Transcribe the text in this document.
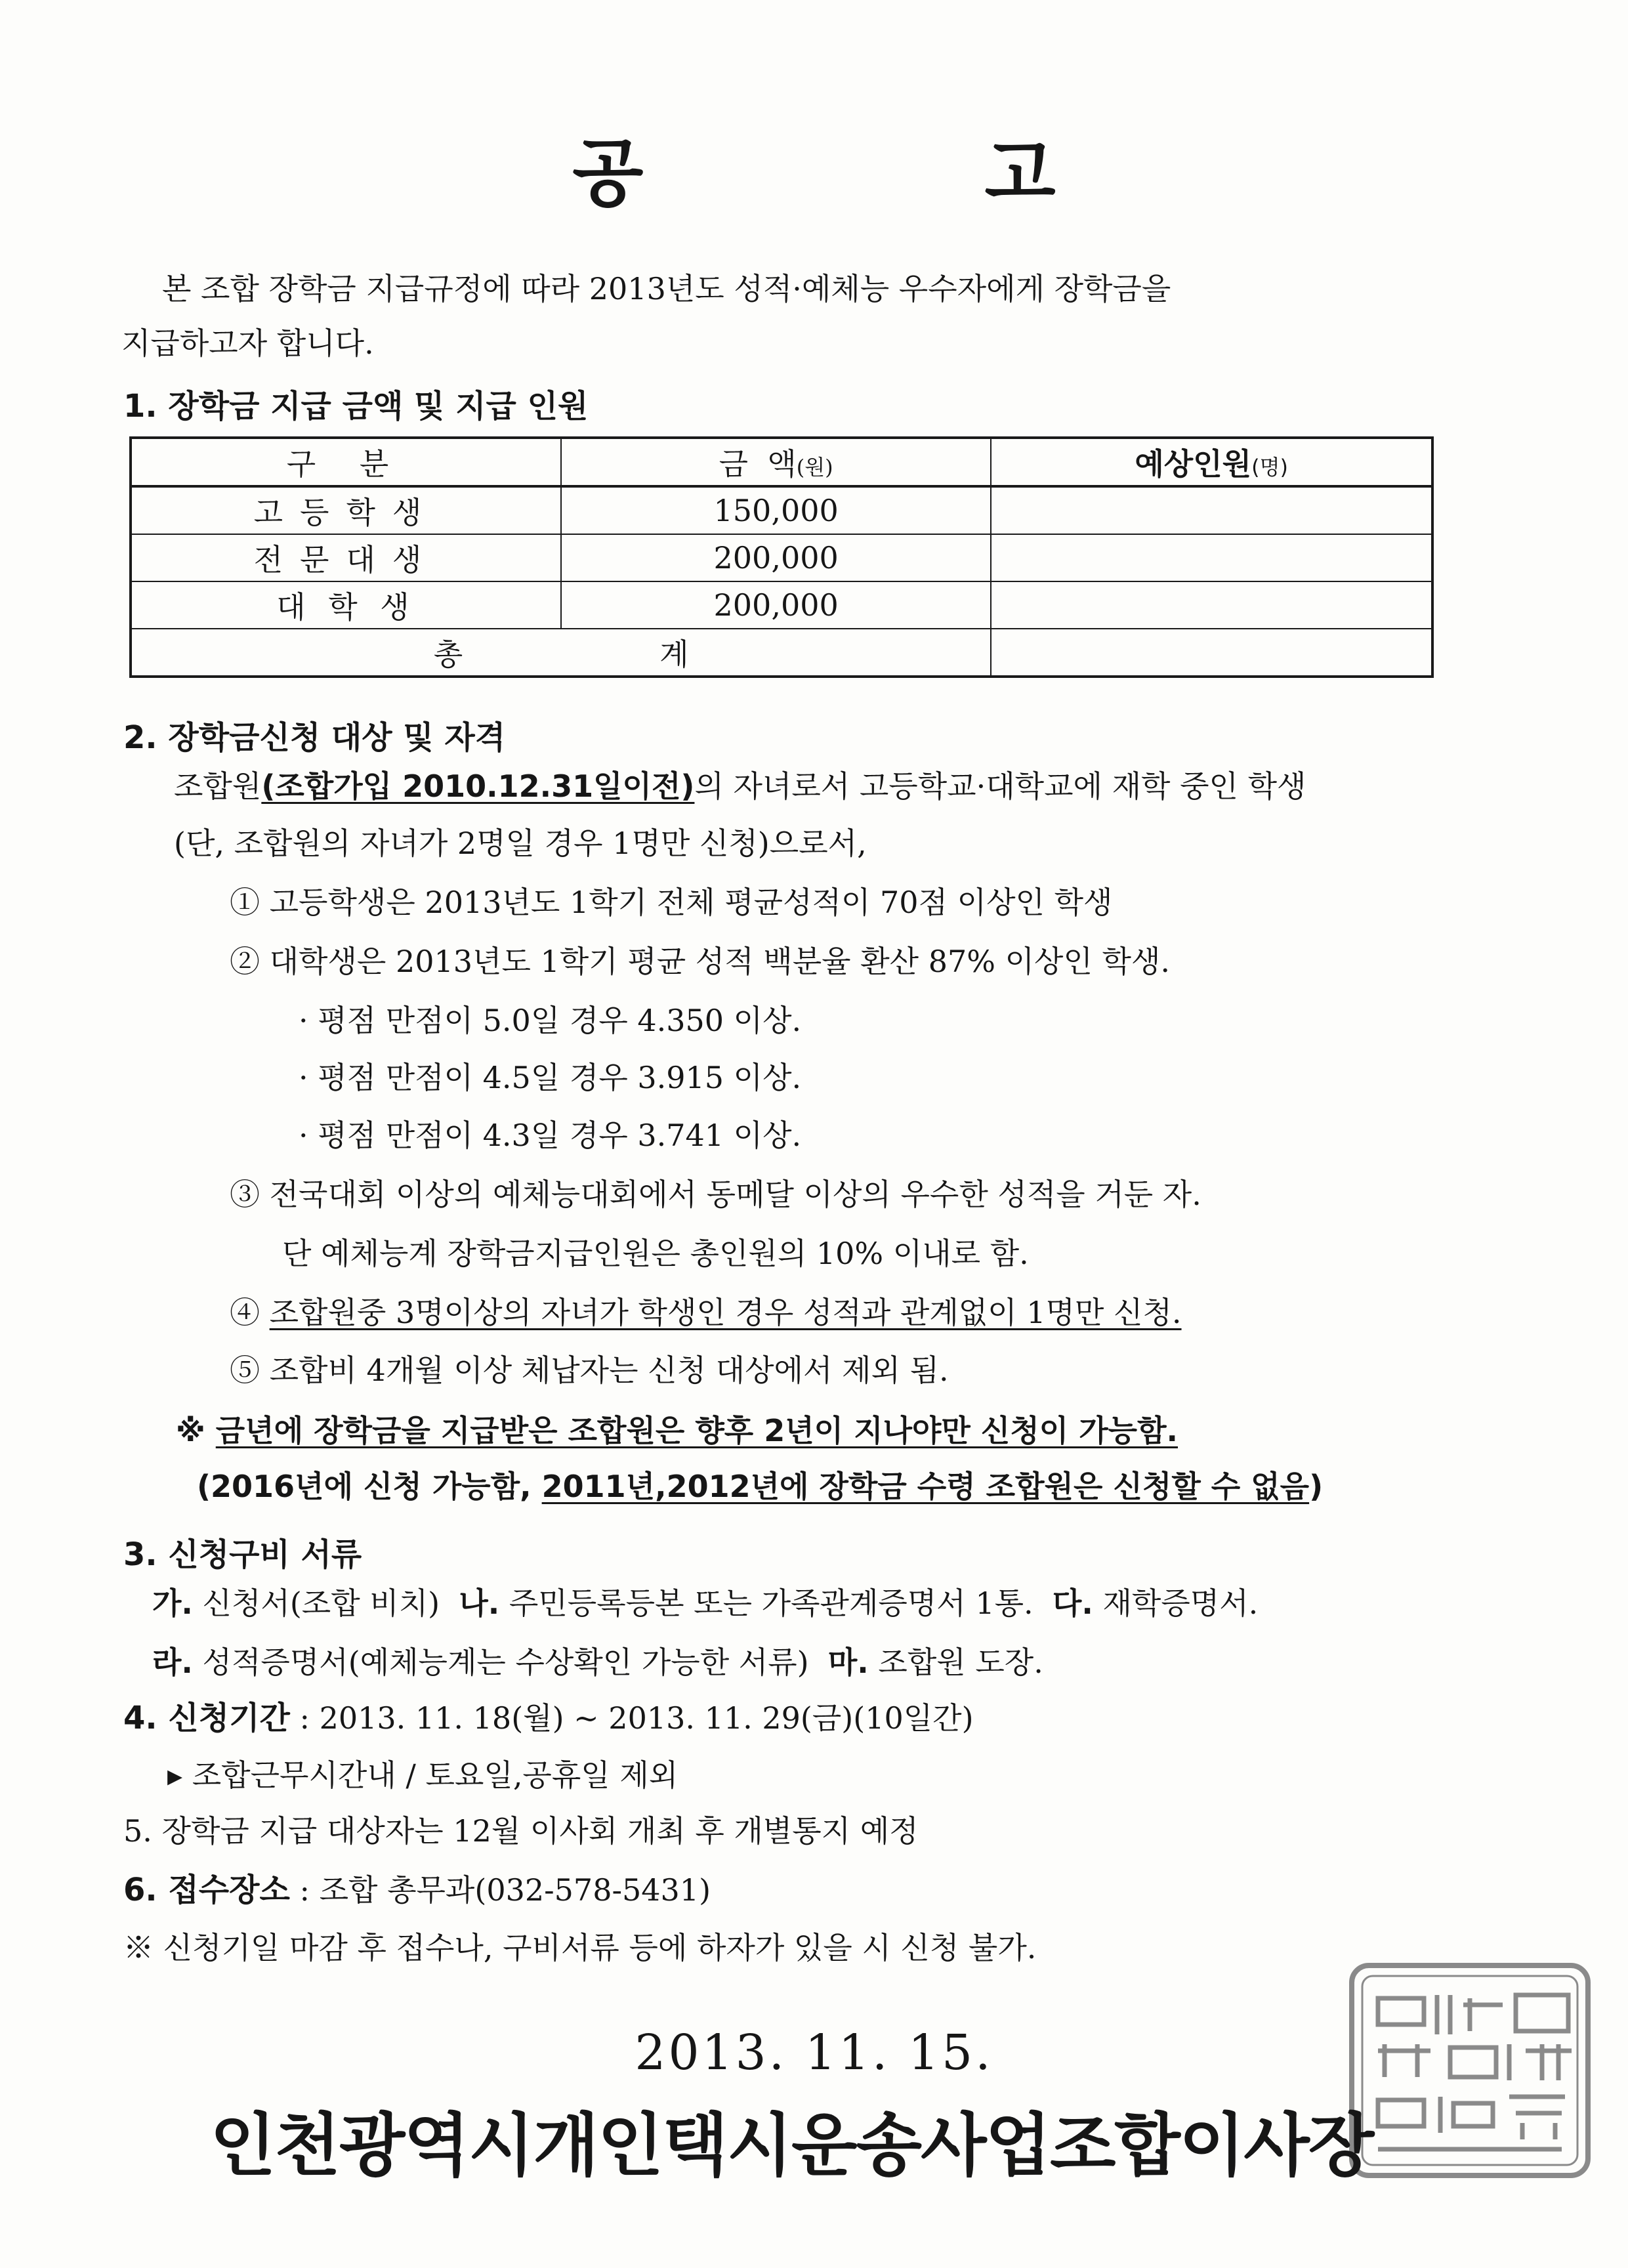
공	고
본 조합 장학금 지급규정에 따라 2013년도 성적·예체능 우수자에게 장학금을
지급하고자 합니다.
1. 장학금 지급 금액 및 지급 인원
구 분	금  액(원)	예상인원(명)
고등학생	150,000	
전문대생	200,000	
대 학 생	200,000	
총 계		
2. 장학금신청 대상 및 자격
조합원(조합가입 2010.12.31일이전)의 자녀로서 고등학교·대학교에 재학 중인 학생
(단, 조합원의 자녀가 2명일 경우 1명만 신청)으로서,
① 고등학생은 2013년도 1학기 전체 평균성적이 70점 이상인 학생
② 대학생은 2013년도 1학기 평균 성적 백분율 환산 87% 이상인 학생.
· 평점 만점이 5.0일 경우 4.350 이상.
· 평점 만점이 4.5일 경우 3.915 이상.
· 평점 만점이 4.3일 경우 3.741 이상.
③ 전국대회 이상의 예체능대회에서 동메달 이상의 우수한 성적을 거둔 자.
단 예체능계 장학금지급인원은 총인원의 10% 이내로 함.
④ 조합원중 3명이상의 자녀가 학생인 경우 성적과 관계없이 1명만 신청.
⑤ 조합비 4개월 이상 체납자는 신청 대상에서 제외 됨.
※ 금년에 장학금을 지급받은 조합원은 향후 2년이 지나야만 신청이 가능함.
(2016년에 신청 가능함, 2011년,2012년에 장학금 수령 조합원은 신청할 수 없음)
3. 신청구비 서류
가. 신청서(조합 비치) 나. 주민등록등본 또는 가족관계증명서 1통. 다. 재학증명서.
라. 성적증명서(예체능계는 수상확인 가능한 서류) 마. 조합원 도장.
4. 신청기간 : 2013. 11. 18(월) ~ 2013. 11. 29(금)(10일간)
▸ 조합근무시간내 / 토요일,공휴일 제외
5. 장학금 지급 대상자는 12월 이사회 개최 후 개별통지 예정
6. 접수장소 : 조합 총무과(032-578-5431)
※ 신청기일 마감 후 접수나, 구비서류 등에 하자가 있을 시 신청 불가.
2013. 11. 15.
인천광역시개인택시운송사업조합이사장
